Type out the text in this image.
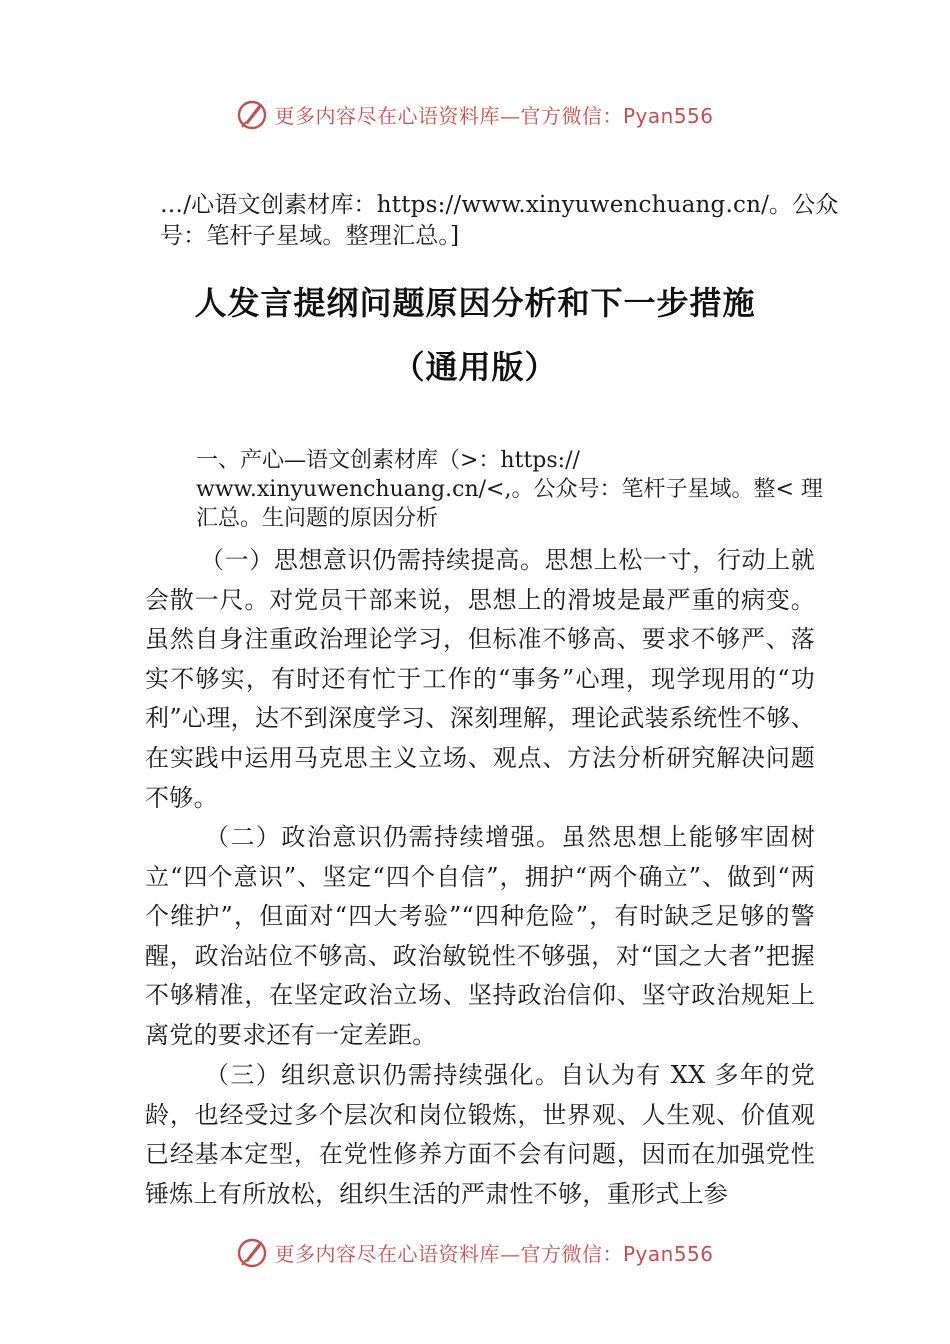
更多内容尽在心语资料库—官方微信：Pyan556
…/心语文创素材库：https://www.xinyuwenchuang.cn/。公众号：笔杆子星域。整理汇总。]
人发言提纲问题原因分析和下一步措施
（通用版）
一、产心—语文创素材库（>：https:// www.xinyuwenchuang.cn/<,。公众号：笔杆子星域。整< 理汇总。生问题的原因分析
（一）思想意识仍需持续提高。思想上松一寸，行动上就会散一尺。对党员干部来说，思想上的滑坡是最严重的病变。虽然自身注重政治理论学习，但标准不够高、要求不够严、落实不够实，有时还有忙于工作的“事务”心理，现学现用的“功利”心理，达不到深度学习、深刻理解，理论武装系统性不够、在实践中运用马克思主义立场、观点、方法分析研究解决问题不够。
（二）政治意识仍需持续增强。虽然思想上能够牢固树立“四个意识”、坚定“四个自信”，拥护“两个确立”、做到“两个维护”，但面对“四大考验”“四种危险”，有时缺乏足够的警醒，政治站位不够高、政治敏锐性不够强，对“国之大者”把握不够精准，在坚定政治立场、坚持政治信仰、坚守政治规矩上离党的要求还有一定差距。
（三）组织意识仍需持续强化。自认为有 XX 多年的党龄，也经受过多个层次和岗位锻炼，世界观、人生观、价值观已经基本定型，在党性修养方面不会有问题，因而在加强党性锤炼上有所放松，组织生活的严肃性不够，重形式上参
更多内容尽在心语资料库—官方微信：Pyan556
